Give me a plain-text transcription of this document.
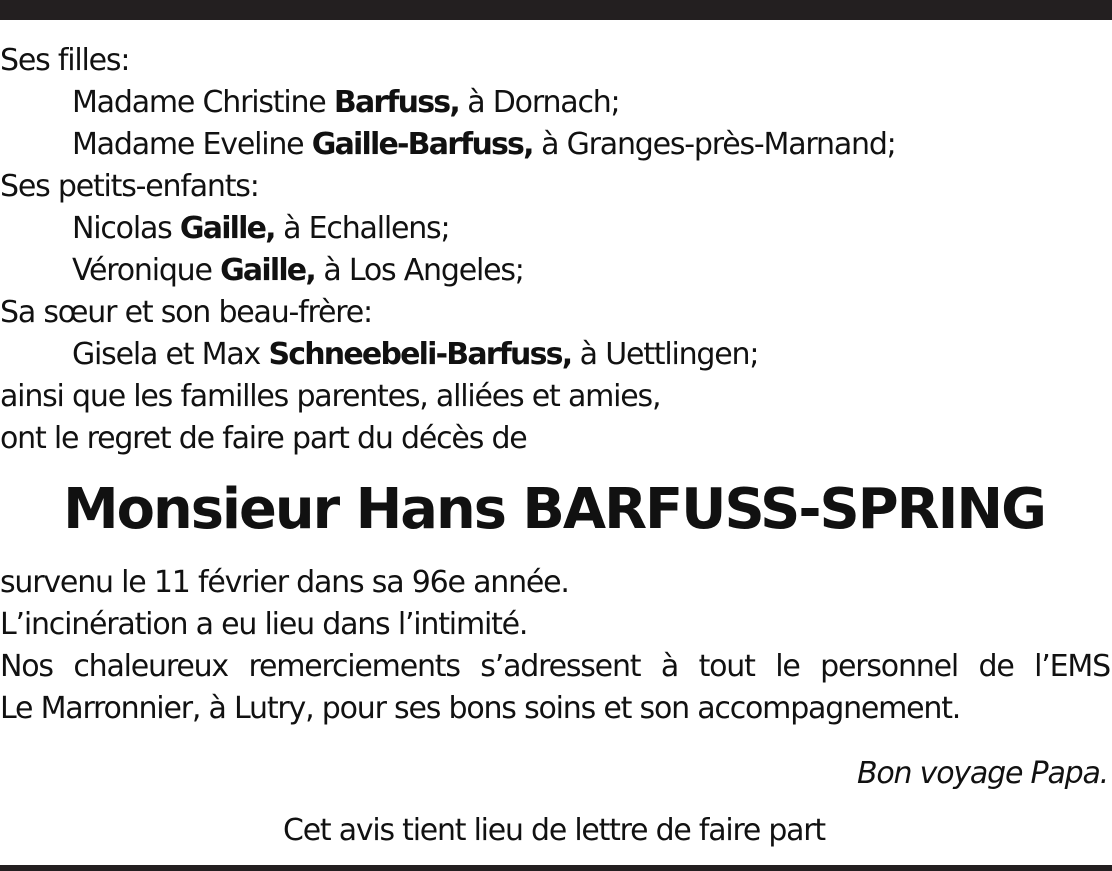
Ses filles:
Madame Christine Barfuss, à Dornach;
Madame Eveline Gaille-Barfuss, à Granges-près-Marnand;
Ses petits-enfants:
Nicolas Gaille, à Echallens;
Véronique Gaille, à Los Angeles;
Sa sœur et son beau-frère:
Gisela et Max Schneebeli-Barfuss, à Uettlingen;
ainsi que les familles parentes, alliées et amies,
ont le regret de faire part du décès de
Monsieur Hans BARFUSS-SPRING
survenu le 11 février dans sa 96e année.
L’incinération a eu lieu dans l’intimité.
Nos chaleureux remerciements s’adressent à tout le personnel de l’EMS
Le Marronnier, à Lutry, pour ses bons soins et son accompagnement.
Bon voyage Papa.
Cet avis tient lieu de lettre de faire part
